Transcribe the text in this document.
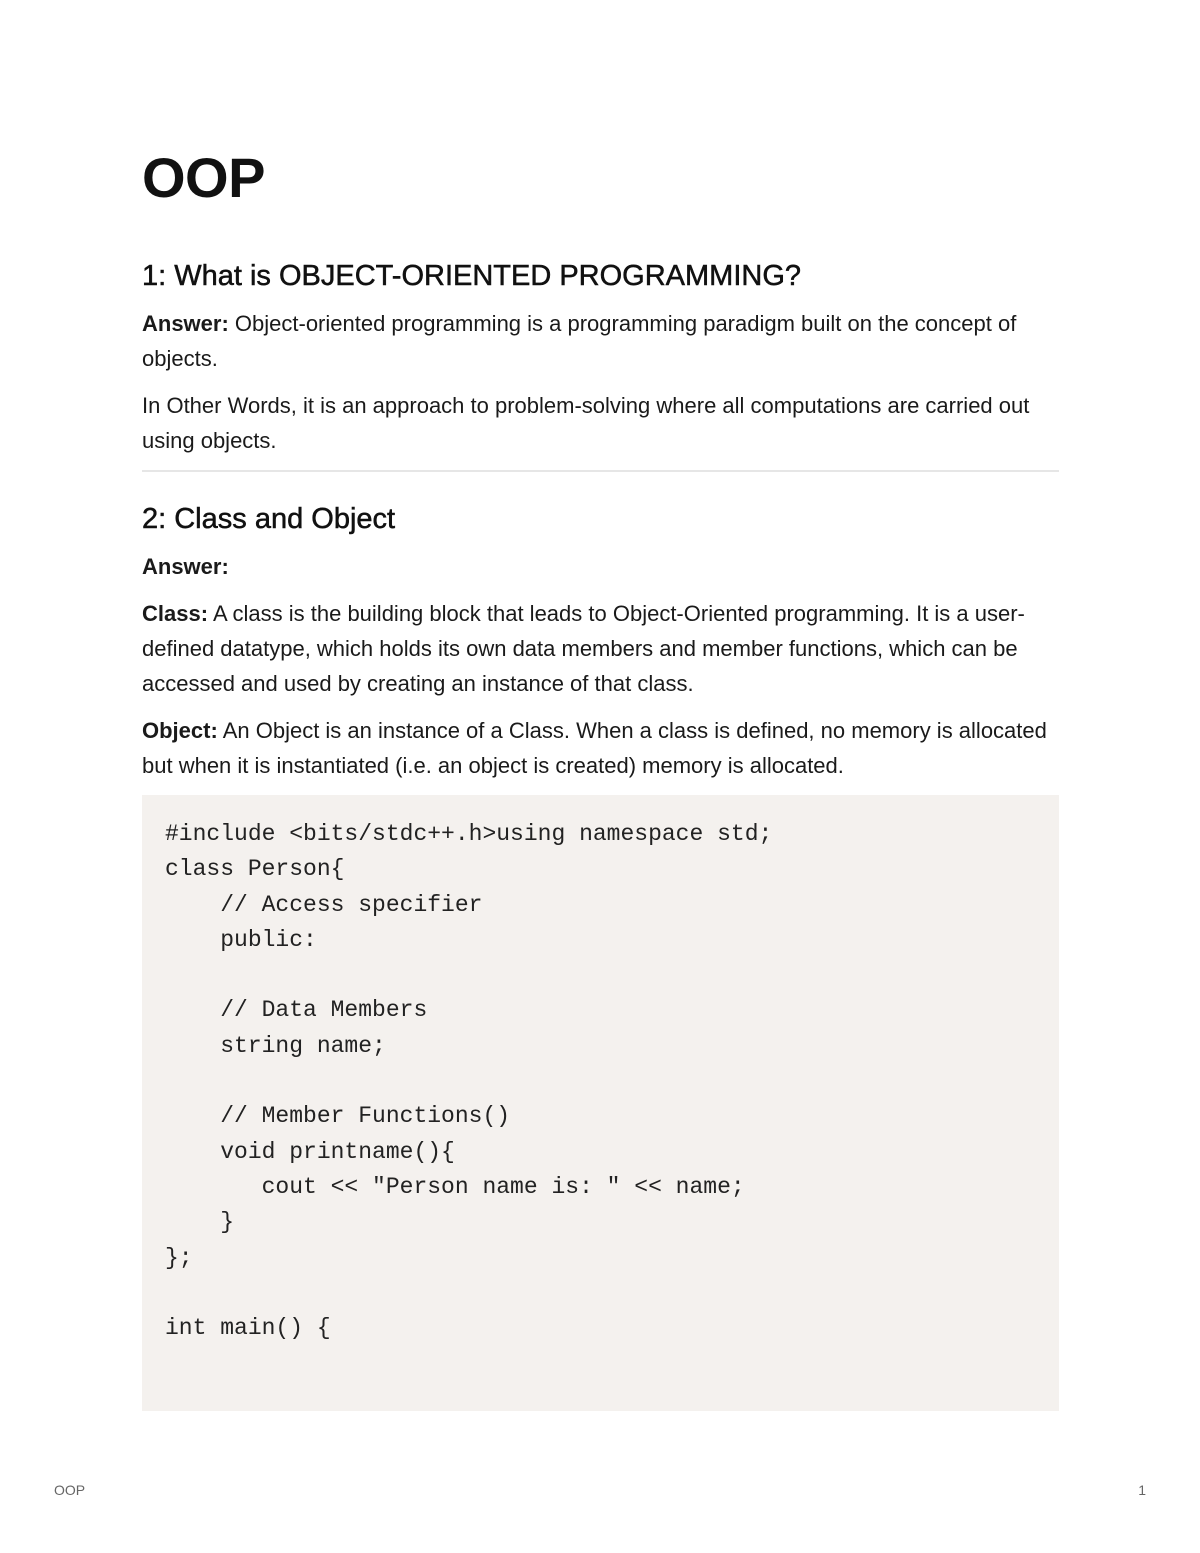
OOP
1: What is OBJECT-ORIENTED PROGRAMMING?

Answer: Object-oriented programming is a programming paradigm built on the concept of objects.

In Other Words, it is an approach to problem-solving where all computations are carried out using objects.

2: Class and Object

Answer:

Class: A class is the building block that leads to Object-Oriented programming. It is a user-defined datatype, which holds its own data members and member functions, which can be accessed and used by creating an instance of that class.

Object: An Object is an instance of a Class. When a class is defined, no memory is allocated but when it is instantiated (i.e. an object is created) memory is allocated.

#include <bits/stdc++.h>using namespace std;
class Person{
// Access specifier
public:
// Data Members
string name;
// Member Functions()
void printname(){
cout << "Person name is: " << name;
}
};
int main() {
OOP	1
